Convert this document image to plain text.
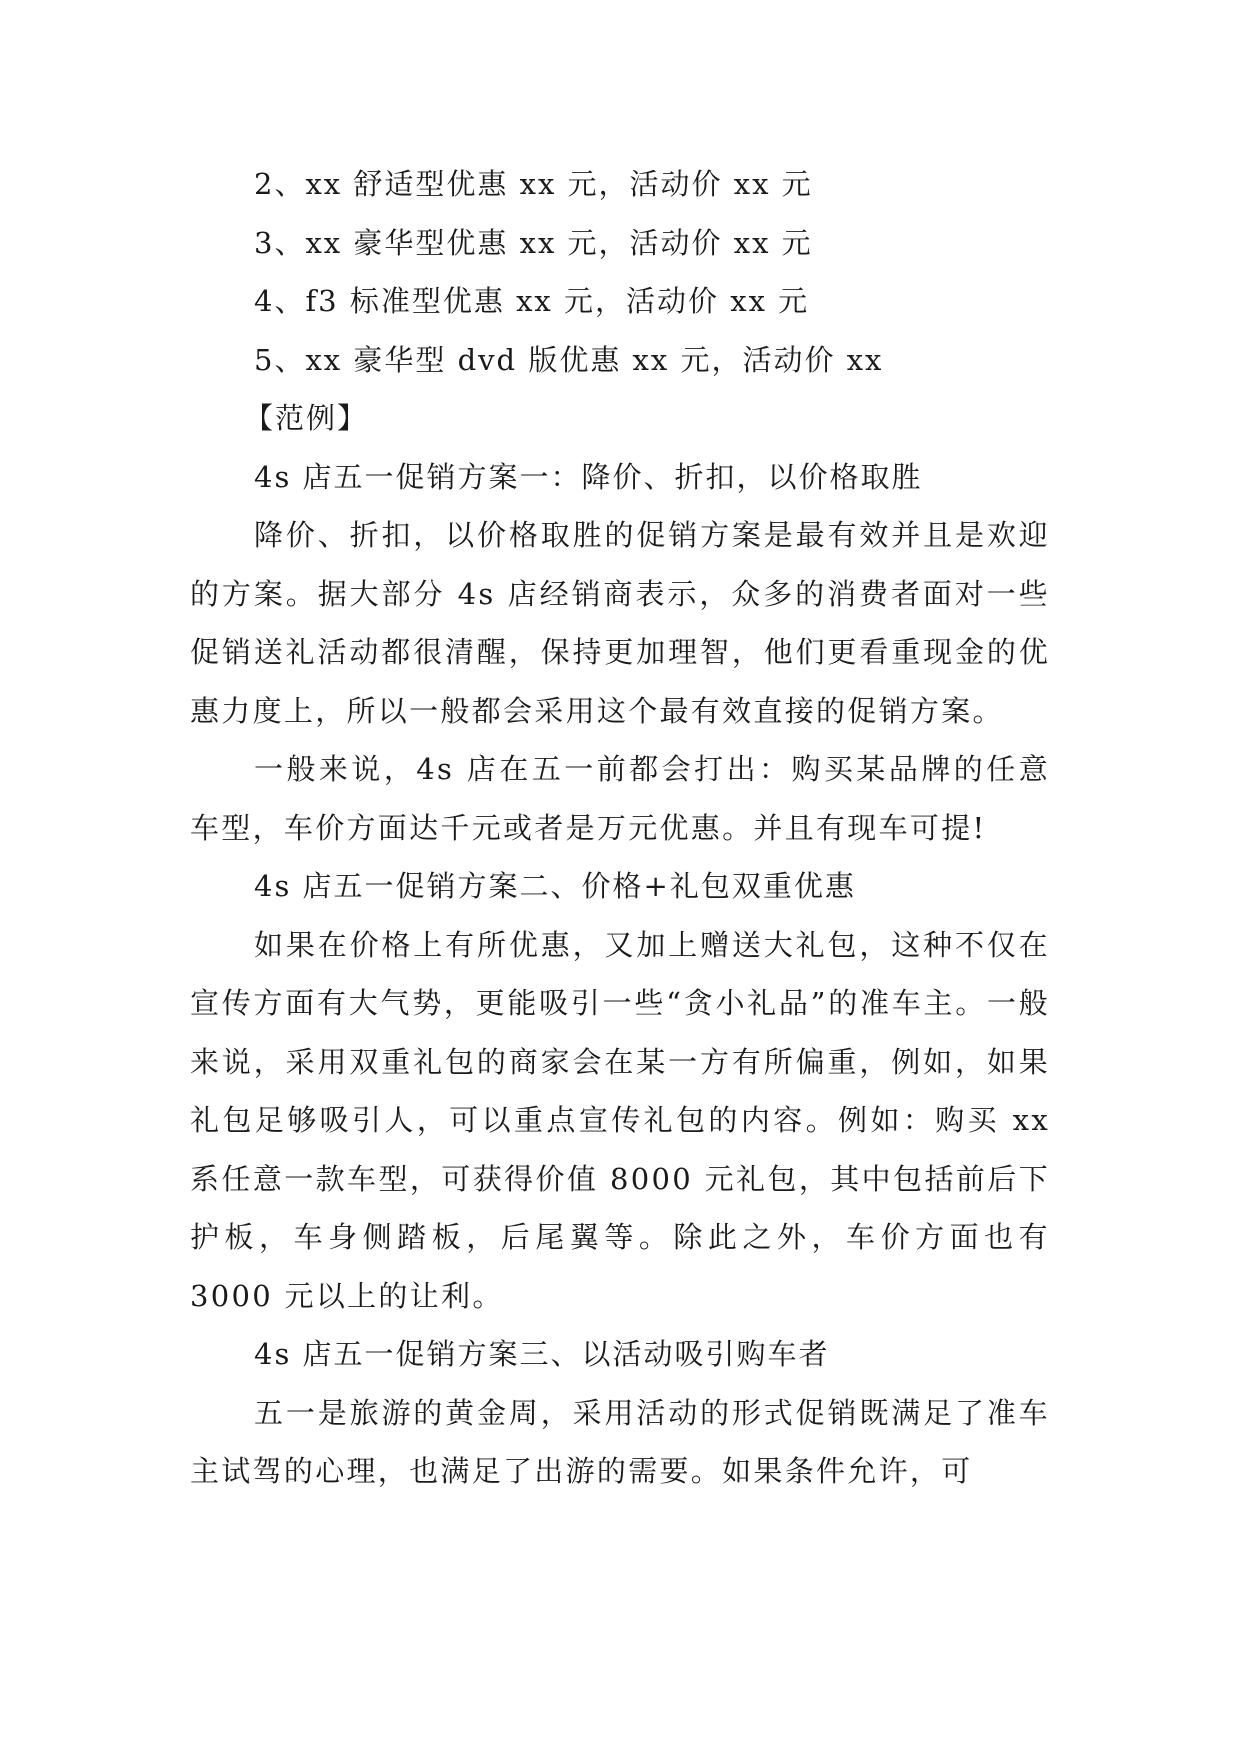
2、xx 舒适型优惠 xx 元，活动价 xx 元
3、xx 豪华型优惠 xx 元，活动价 xx 元
4、f3 标准型优惠 xx 元，活动价 xx 元
5、xx 豪华型 dvd 版优惠 xx 元，活动价 xx
【范例】
4s 店五一促销方案一：降价、折扣，以价格取胜

降价、折扣，以价格取胜的促销方案是最有效并且是欢迎的方案。据大部分 4s 店经销商表示，众多的消费者面对一些促销送礼活动都很清醒，保持更加理智，他们更看重现金的优惠力度上，所以一般都会采用这个最有效直接的促销方案。

一般来说，4s 店在五一前都会打出：购买某品牌的任意车型，车价方面达千元或者是万元优惠。并且有现车可提!

4s 店五一促销方案二、价格+礼包双重优惠

如果在价格上有所优惠，又加上赠送大礼包，这种不仅在宣传方面有大气势，更能吸引一些“贪小礼品”的准车主。一般来说，采用双重礼包的商家会在某一方有所偏重，例如，如果礼包足够吸引人，可以重点宣传礼包的内容。例如：购买 xx 系任意一款车型，可获得价值 8000 元礼包，其中包括前后下护板，车身侧踏板，后尾翼等。除此之外，车价方面也有 3000 元以上的让利。

4s 店五一促销方案三、以活动吸引购车者

五一是旅游的黄金周，采用活动的形式促销既满足了准车主试驾的心理，也满足了出游的需要。如果条件允许，可
